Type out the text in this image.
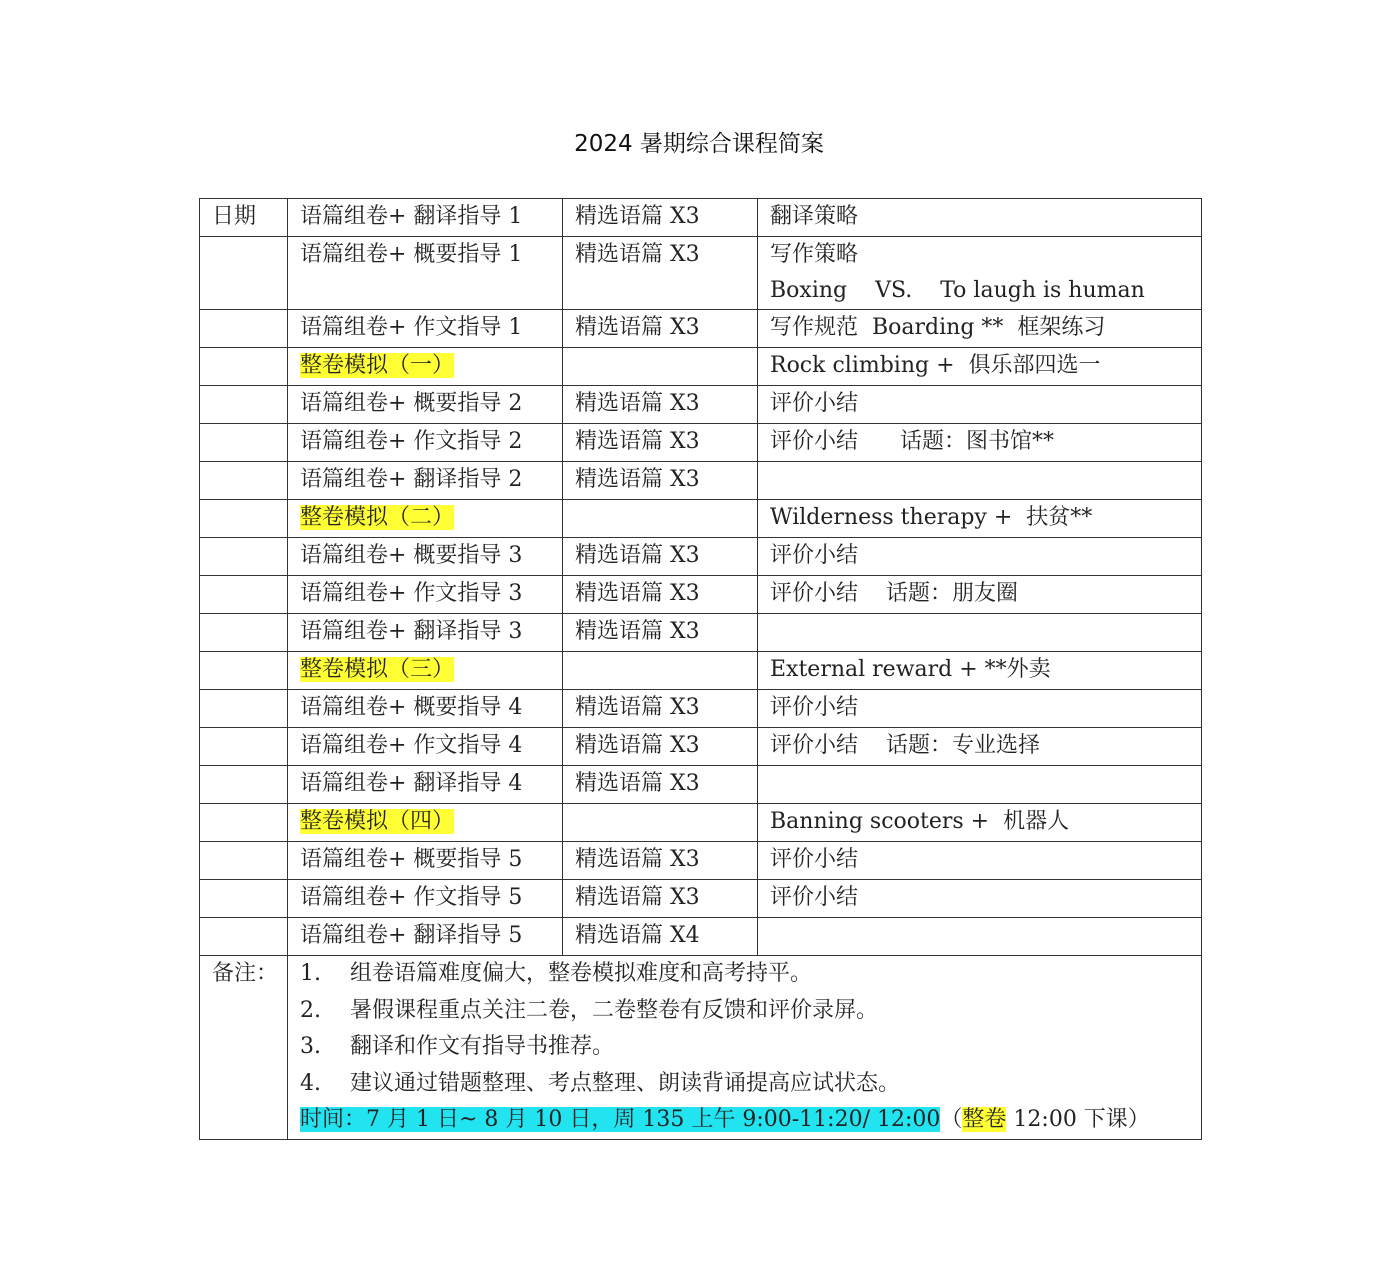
2024 暑期综合课程简案
日期	语篇组卷+ 翻译指导 1	精选语篇 X3	翻译策略

	语篇组卷+ 概要指导 1	精选语篇 X3	写作策略
Boxing    VS.    To laugh is human

	语篇组卷+ 作文指导 1	精选语篇 X3	写作规范  Boarding **  框架练习

	整卷模拟（一）		Rock climbing +  俱乐部四选一

	语篇组卷+ 概要指导 2	精选语篇 X3	评价小结

	语篇组卷+ 作文指导 2	精选语篇 X3	评价小结      话题：图书馆**

	语篇组卷+ 翻译指导 2	精选语篇 X3	

	整卷模拟（二）		Wilderness therapy +  扶贫**

	语篇组卷+ 概要指导 3	精选语篇 X3	评价小结

	语篇组卷+ 作文指导 3	精选语篇 X3	评价小结    话题：朋友圈

	语篇组卷+ 翻译指导 3	精选语篇 X3	

	整卷模拟（三）		External reward + **外卖

	语篇组卷+ 概要指导 4	精选语篇 X3	评价小结

	语篇组卷+ 作文指导 4	精选语篇 X3	评价小结    话题：专业选择

	语篇组卷+ 翻译指导 4	精选语篇 X3	

	整卷模拟（四）		Banning scooters +  机器人

	语篇组卷+ 概要指导 5	精选语篇 X3	评价小结

	语篇组卷+ 作文指导 5	精选语篇 X3	评价小结

	语篇组卷+ 翻译指导 5	精选语篇 X4	

备注：	1. 组卷语篇难度偏大，整卷模拟难度和高考持平。
2. 暑假课程重点关注二卷，二卷整卷有反馈和评价录屏。
3. 翻译和作文有指导书推荐。
4. 建议通过错题整理、考点整理、朗读背诵提高应试状态。
时间：7 月 1 日~ 8 月 10 日，周 135 上午 9:00-11:20/ 12:00（整卷 12:00 下课）		
